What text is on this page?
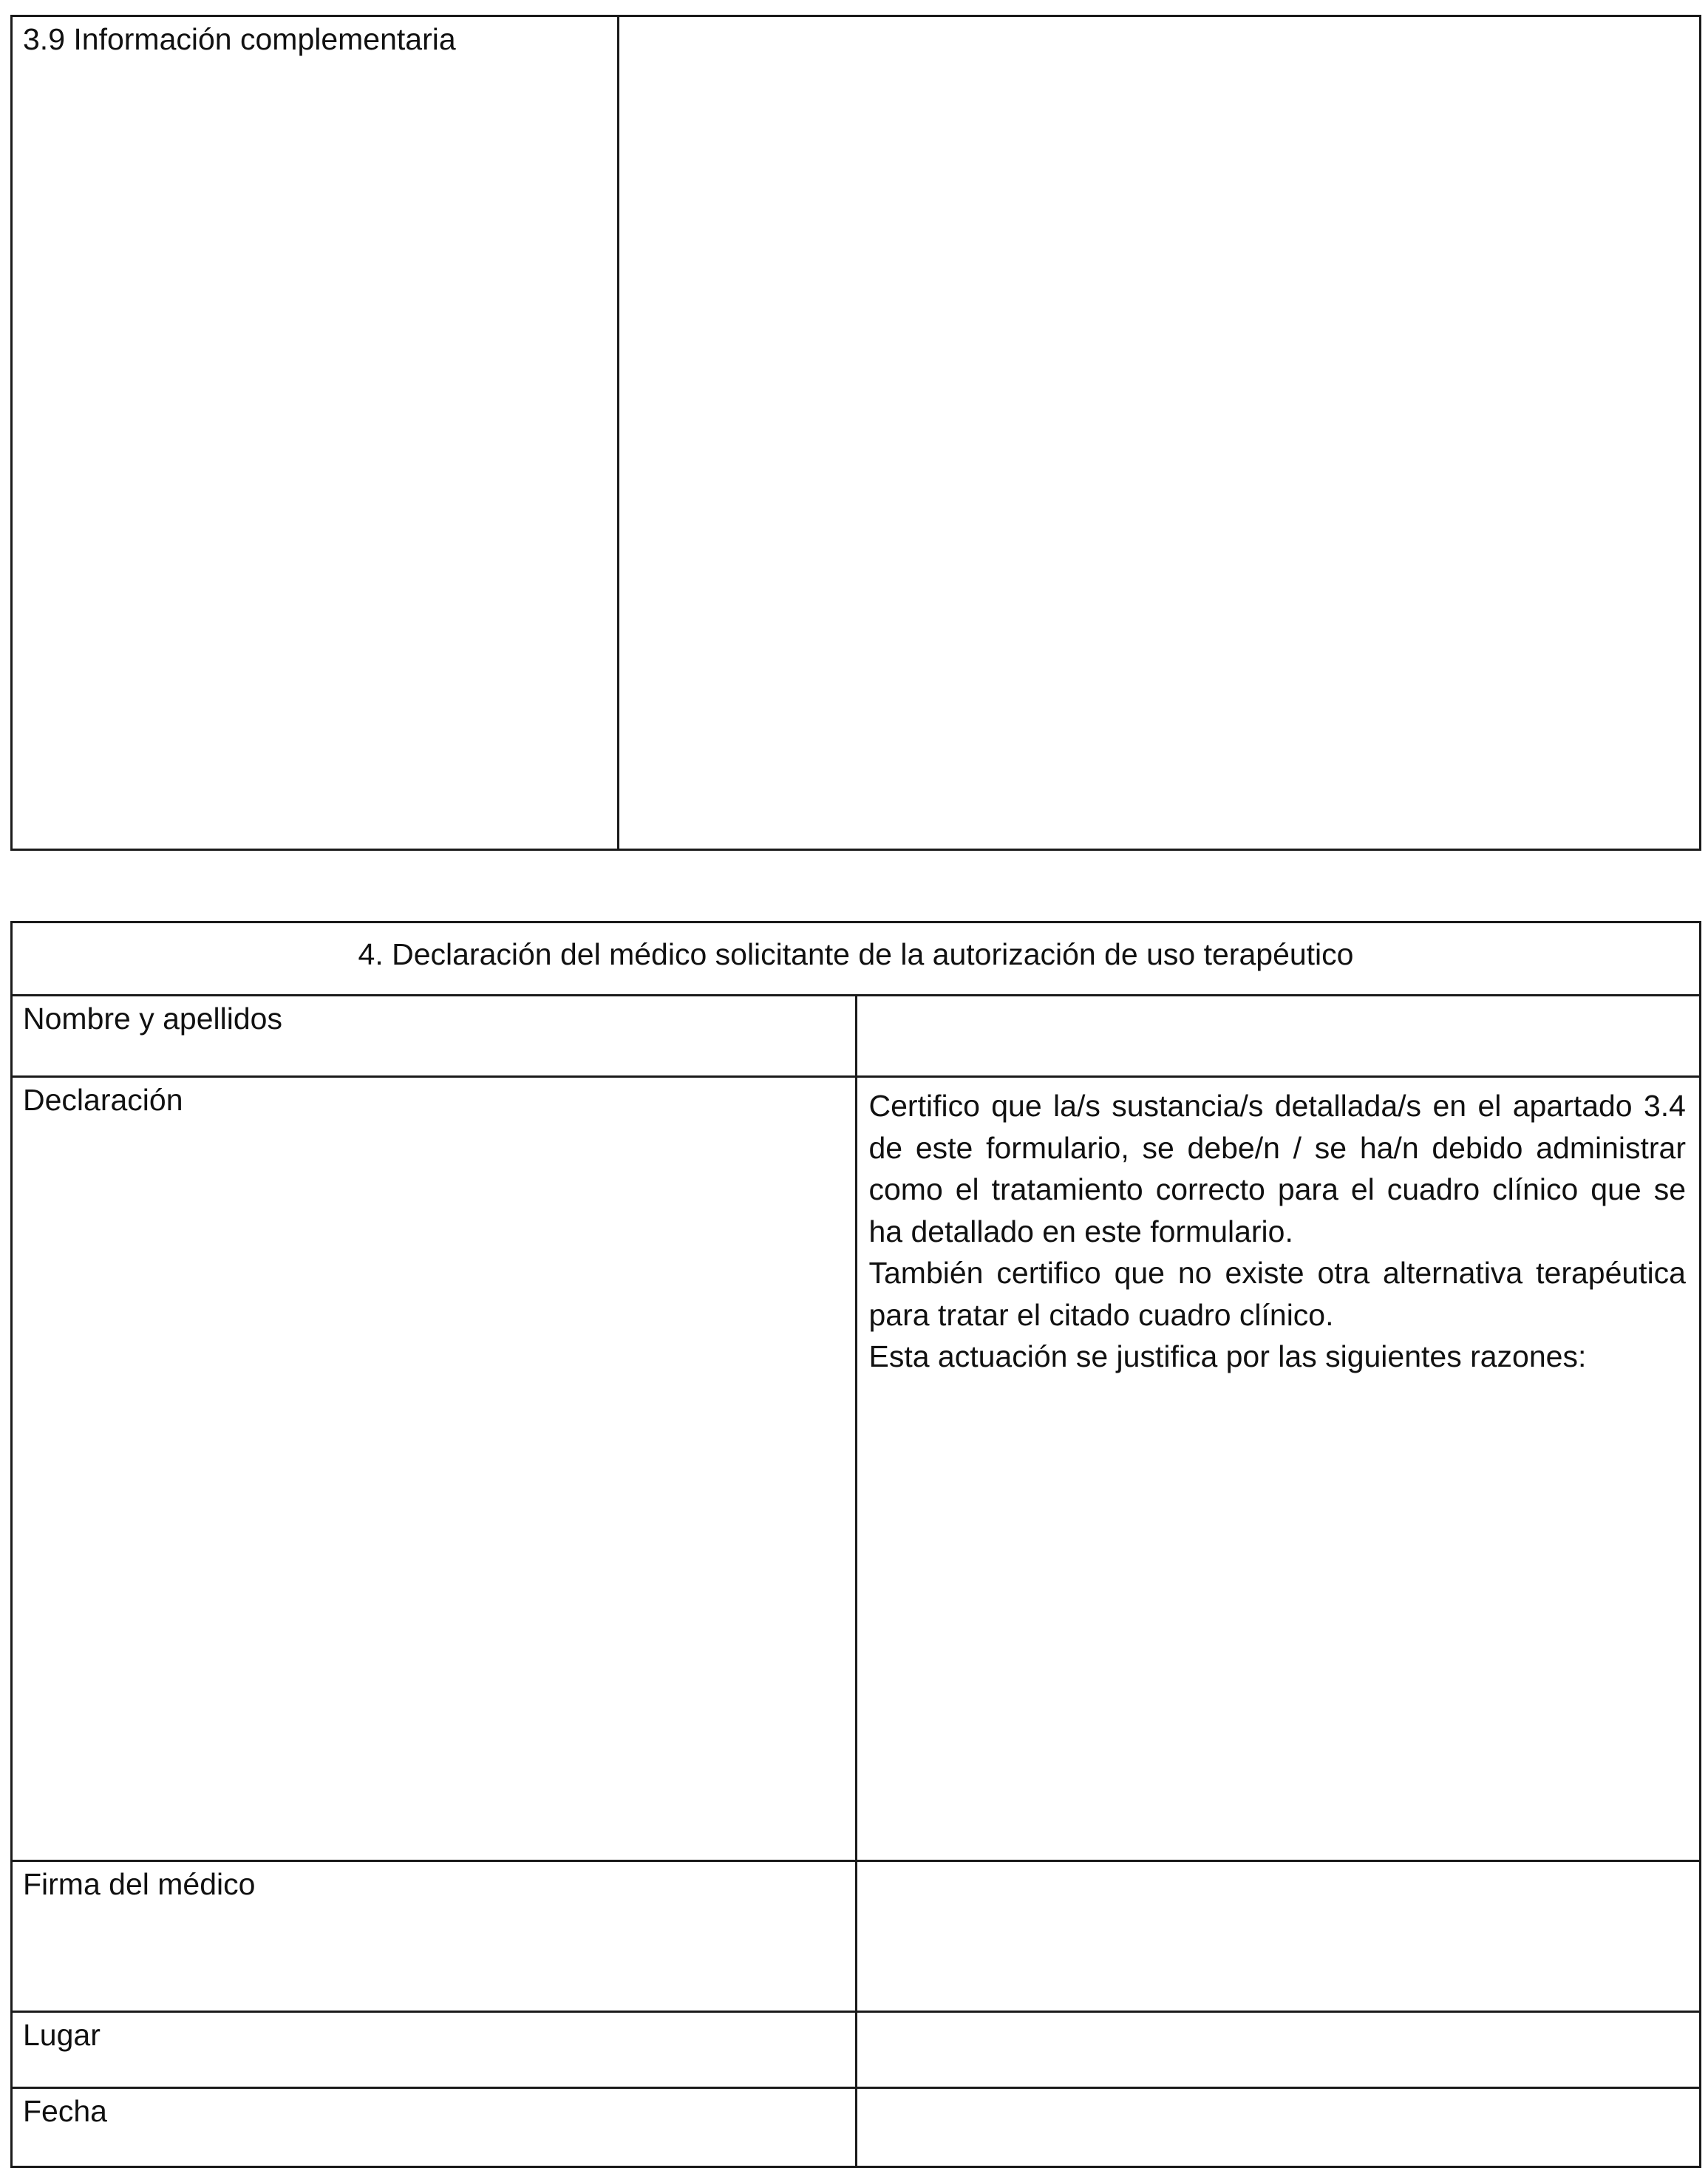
3.9 Información complementaria

4. Declaración del médico solicitante de la autorización de uso terapéutico	

Nombre y apellidos	

Declaración	Certifico que la/s sustancia/s detallada/s en el apartado 3.4 de este formulario, se debe/n / se ha/n debido administrar como el tratamiento correcto para el cuadro clínico que se ha detallado en este formulario.

También certifico que no existe otra alternativa terapéutica para tratar el citado cuadro clínico.

Esta actuación se justifica por las siguientes razones:

Firma del médico	

Lugar	

Fecha	
